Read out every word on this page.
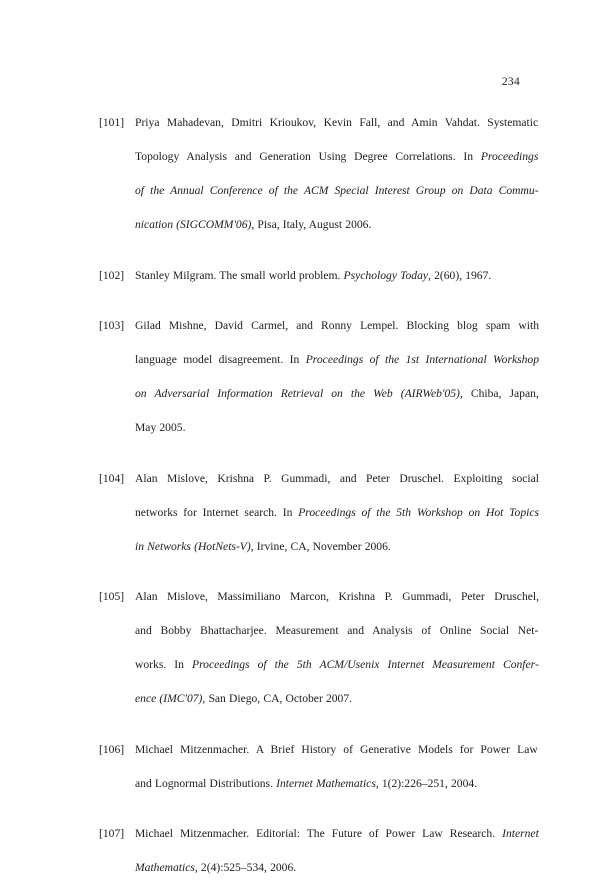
234
[101] Priya Mahadevan, Dmitri Krioukov, Kevin Fall, and Amin Vahdat. Systematic
Topology Analysis and Generation Using Degree Correlations. In Proceedings
of the Annual Conference of the ACM Special Interest Group on Data Commu-
nication (SIGCOMM'06), Pisa, Italy, August 2006.
[102] Stanley Milgram. The small world problem. Psychology Today, 2(60), 1967.
[103] Gilad Mishne, David Carmel, and Ronny Lempel. Blocking blog spam with
language model disagreement. In Proceedings of the 1st International Workshop
on Adversarial Information Retrieval on the Web (AIRWeb'05), Chiba, Japan,
May 2005.
[104] Alan Mislove, Krishna P. Gummadi, and Peter Druschel. Exploiting social
networks for Internet search. In Proceedings of the 5th Workshop on Hot Topics
in Networks (HotNets-V), Irvine, CA, November 2006.
[105] Alan Mislove, Massimiliano Marcon, Krishna P. Gummadi, Peter Druschel,
and Bobby Bhattacharjee. Measurement and Analysis of Online Social Net-
works. In Proceedings of the 5th ACM/Usenix Internet Measurement Confer-
ence (IMC'07), San Diego, CA, October 2007.
[106] Michael Mitzenmacher. A Brief History of Generative Models for Power Law
and Lognormal Distributions. Internet Mathematics, 1(2):226–251, 2004.
[107] Michael Mitzenmacher. Editorial: The Future of Power Law Research. Internet
Mathematics, 2(4):525–534, 2006.
